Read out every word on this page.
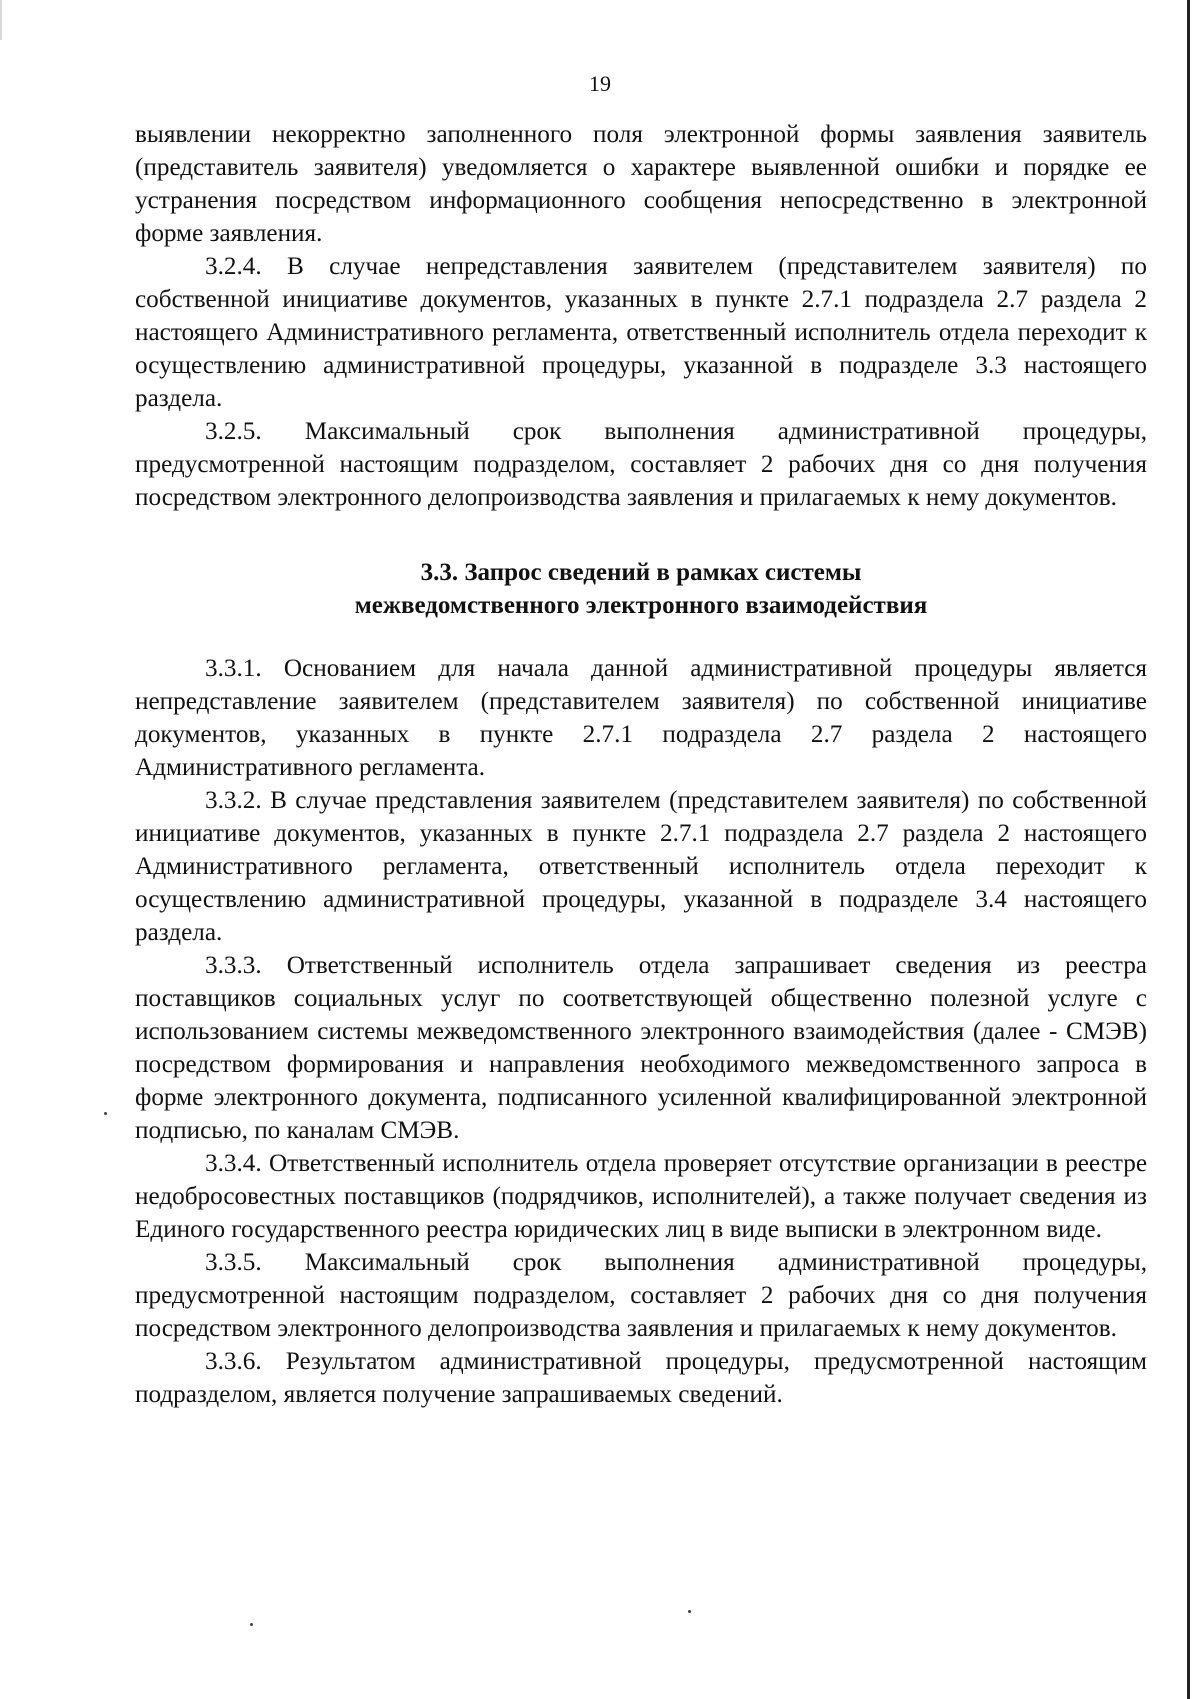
19

выявлении некорректно заполненного поля электронной формы заявления заявитель (представитель заявителя) уведомляется о характере выявленной ошибки и порядке ее устранения посредством информационного сообщения непосредственно в электронной форме заявления.

3.2.4. В случае непредставления заявителем (представителем заявителя) по собственной инициативе документов, указанных в пункте 2.7.1 подраздела 2.7 раздела 2 настоящего Административного регламента, ответственный исполнитель отдела переходит к осуществлению административной процедуры, указанной в подразделе 3.3 настоящего раздела.

3.2.5. Максимальный срок выполнения административной процедуры, предусмотренной настоящим подразделом, составляет 2 рабочих дня со дня получения посредством электронного делопроизводства заявления и прилагаемых к нему документов.

3.3. Запрос сведений в рамках системы
межведомственного электронного взаимодействия

3.3.1. Основанием для начала данной административной процедуры является непредставление заявителем (представителем заявителя) по собственной инициативе документов, указанных в пункте 2.7.1 подраздела 2.7 раздела 2 настоящего Административного регламента.

3.3.2. В случае представления заявителем (представителем заявителя) по собственной инициативе документов, указанных в пункте 2.7.1 подраздела 2.7 раздела 2 настоящего Административного регламента, ответственный исполнитель отдела переходит к осуществлению административной процедуры, указанной в подразделе 3.4 настоящего раздела.

3.3.3. Ответственный исполнитель отдела запрашивает сведения из реестра поставщиков социальных услуг по соответствующей общественно полезной услуге с использованием системы межведомственного электронного взаимодействия (далее - СМЭВ) посредством формирования и направления необходимого межведомственного запроса в форме электронного документа, подписанного усиленной квалифицированной электронной подписью, по каналам СМЭВ.

3.3.4. Ответственный исполнитель отдела проверяет отсутствие организации в реестре недобросовестных поставщиков (подрядчиков, исполнителей), а также получает сведения из Единого государственного реестра юридических лиц в виде выписки в электронном виде.

3.3.5. Максимальный срок выполнения административной процедуры, предусмотренной настоящим подразделом, составляет 2 рабочих дня со дня получения посредством электронного делопроизводства заявления и прилагаемых к нему документов.

3.3.6. Результатом административной процедуры, предусмотренной настоящим подразделом, является получение запрашиваемых сведений.
